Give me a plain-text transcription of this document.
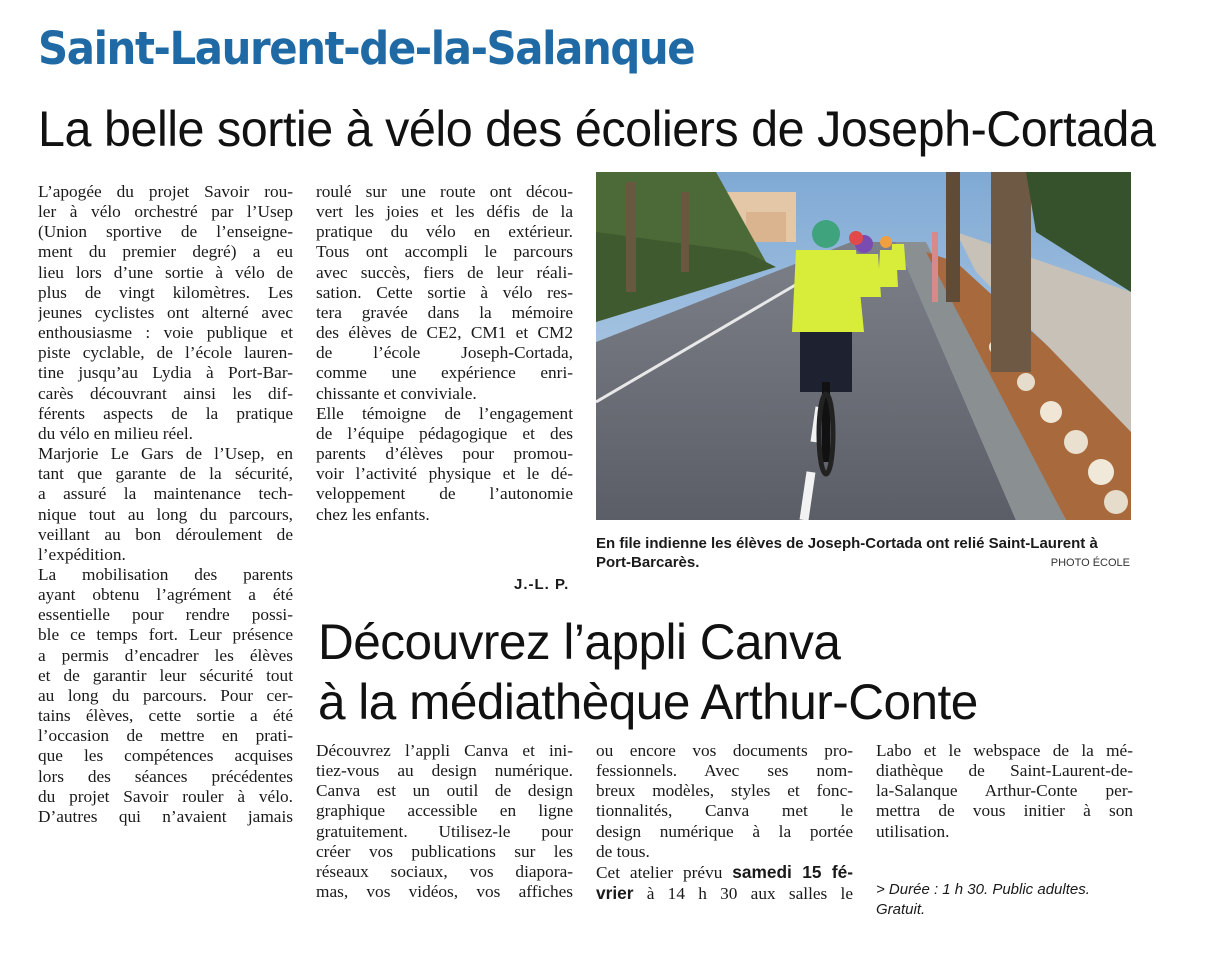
Saint-Laurent-de-la-Salanque
La belle sortie à vélo des écoliers de Joseph-Cortada

L’apogée du projet Savoir rou-
ler à vélo orchestré par l’Usep
(Union sportive de l’enseigne-
ment du premier degré) a eu
lieu lors d’une sortie à vélo de
plus de vingt kilomètres. Les
jeunes cyclistes ont alterné avec
enthousiasme : voie publique et
piste cyclable, de l’école lauren-
tine jusqu’au Lydia à Port-Bar-
carès découvrant ainsi les dif-
férents aspects de la pratique
du vélo en milieu réel.
Marjorie Le Gars de l’Usep, en
tant que garante de la sécurité,
a assuré la maintenance tech-
nique tout au long du parcours,
veillant au bon déroulement de
l’expédition.
La mobilisation des parents
ayant obtenu l’agrément a été
essentielle pour rendre possi-
ble ce temps fort. Leur présence
a permis d’encadrer les élèves
et de garantir leur sécurité tout
au long du parcours. Pour cer-
tains élèves, cette sortie a été
l’occasion de mettre en prati-
que les compétences acquises
lors des séances précédentes
du projet Savoir rouler à vélo.
D’autres qui n’avaient jamais

roulé sur une route ont décou-
vert les joies et les défis de la
pratique du vélo en extérieur.
Tous ont accompli le parcours
avec succès, fiers de leur réali-
sation. Cette sortie à vélo res-
tera gravée dans la mémoire
des élèves de CE2, CM1 et CM2
de l’école Joseph-Cortada,
comme une expérience enri-
chissante et conviviale.
Elle témoigne de l’engagement
de l’équipe pédagogique et des
parents d’élèves pour promou-
voir l’activité physique et le dé-
veloppement de l’autonomie
chez les enfants.

J.-L. P.
En file indienne les élèves de Joseph-Cortada ont relié Saint-Laurent à Port-Barcarès.	PHOTO ÉCOLE
Découvrez l’appli Canva
à la médiathèque Arthur-Conte

Découvrez l’appli Canva et ini-
tiez-vous au design numérique.
Canva est un outil de design
graphique accessible en ligne
gratuitement. Utilisez-le pour
créer vos publications sur les
réseaux sociaux, vos diapora-
mas, vos vidéos, vos affiches

ou encore vos documents pro-
fessionnels. Avec ses nom-
breux modèles, styles et fonc-
tionnalités, Canva met le
design numérique à la portée
de tous.

Cet atelier prévu samedi 15 fé-
vrier à 14 h 30 aux salles le

Labo et le webspace de la mé-
diathèque de Saint-Laurent-de-
la-Salanque Arthur-Conte per-
mettra de vous initier à son
utilisation.

> Durée : 1 h 30. Public adultes.
Gratuit.
